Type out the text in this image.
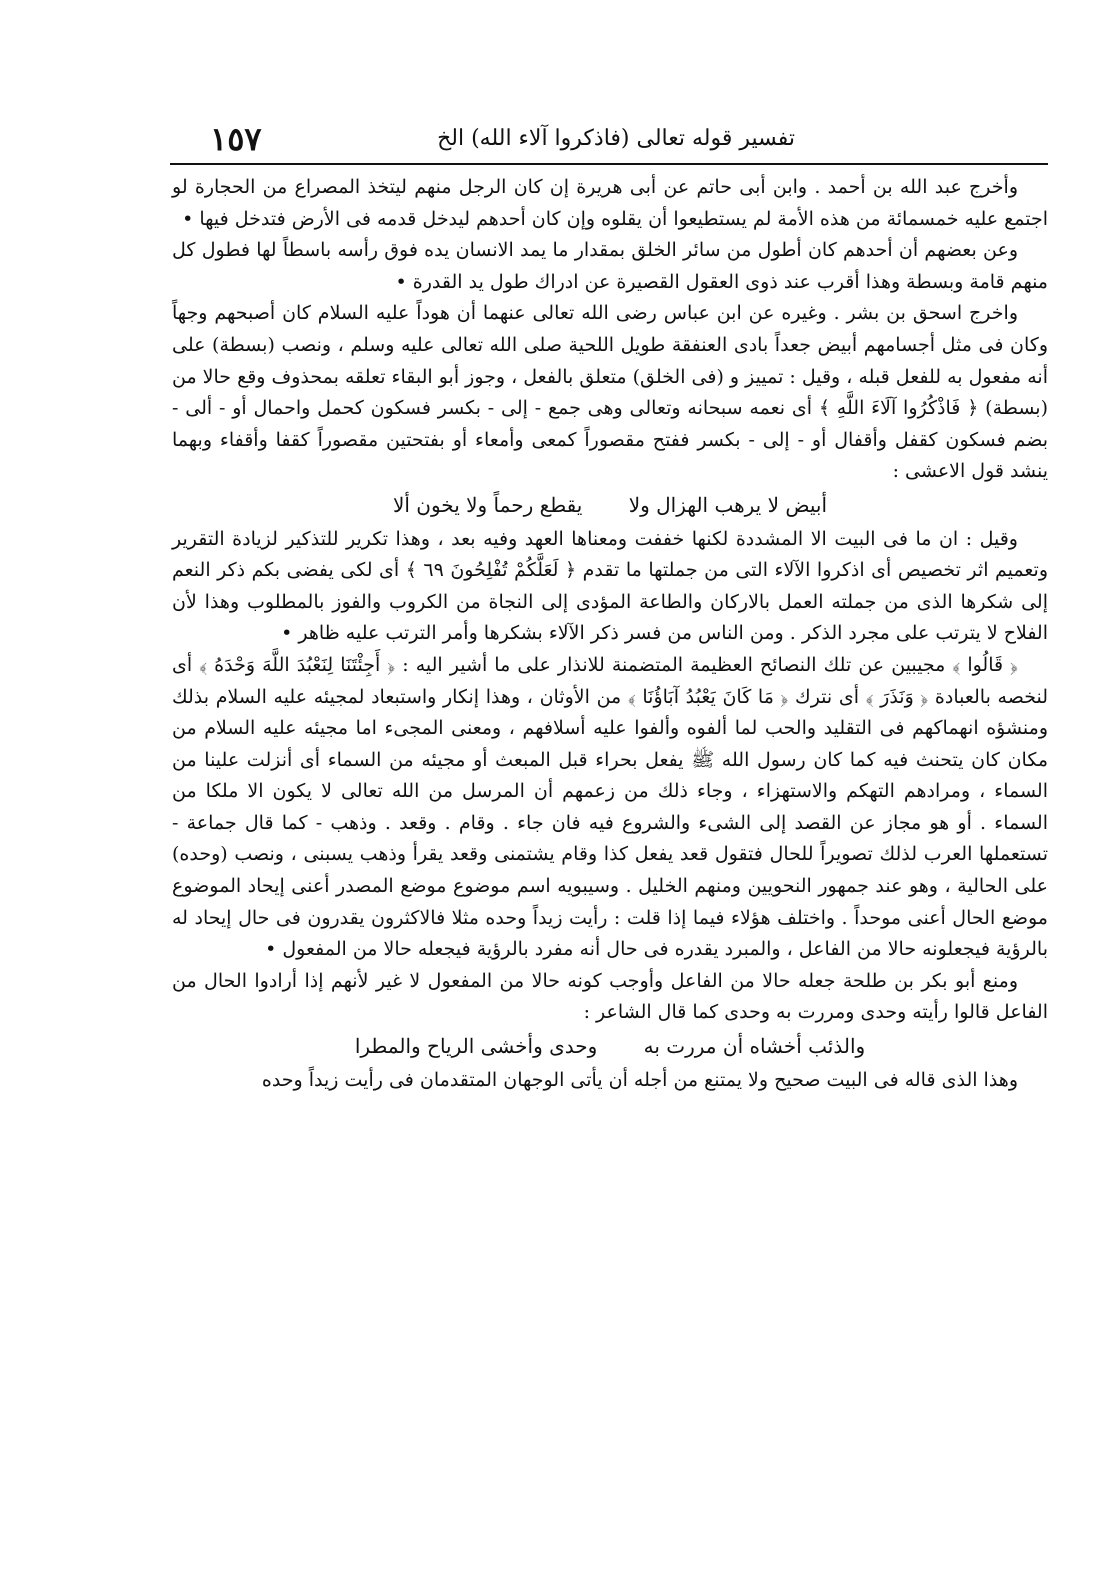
تفسير قوله تعالى (فاذكروا آلاء الله) الخ
١٥٧

وأخرج عبد الله بن أحمد . وابن أبى حاتم عن أبى هريرة إن كان الرجل منهم ليتخذ المصراع من الحجارة لو اجتمع عليه خمسمائة من هذه الأمة لم يستطيعوا أن يقلوه وإن كان أحدهم ليدخل قدمه فى الأرض فتدخل فيها •

وعن بعضهم أن أحدهم كان أطول من سائر الخلق بمقدار ما يمد الانسان يده فوق رأسه باسطاً لها فطول كل منهم قامة وبسطة وهذا أقرب عند ذوى العقول القصيرة عن ادراك طول يد القدرة •

واخرج اسحق بن بشر . وغيره عن ابن عباس رضى الله تعالى عنهما أن هوداً عليه السلام كان أصبحهم وجهاً وكان فى مثل أجسامهم أبيض جعداً بادى العنفقة طويل اللحية صلى الله تعالى عليه وسلم ، ونصب (بسطة) على أنه مفعول به للفعل قبله ، وقيل : تمييز و (فى الخلق) متعلق بالفعل ، وجوز أبو البقاء تعلقه بمحذوف وقع حالا من (بسطة) ﴿ فَاذْكُرُوا آلَاءَ اللَّهِ ﴾ أى نعمه سبحانه وتعالى وهى جمع - إلى - بكسر فسكون كحمل واحمال أو - ألى - بضم فسكون كقفل وأقفال أو - إلى - بكسر ففتح مقصوراً كمعى وأمعاء أو بفتحتين مقصوراً كقفا وأقفاء وبهما ينشد قول الاعشى :

أبيض لا يرهب الهزال ولا يقطع رحماً ولا يخون ألا

وقيل : ان ما فى البيت الا المشددة لكنها خففت ومعناها العهد وفيه بعد ، وهذا تكرير للتذكير لزيادة التقرير وتعميم اثر تخصيص أى اذكروا الآلاء التى من جملتها ما تقدم ﴿ لَعَلَّكُمْ تُفْلِحُونَ ٦٩ ﴾ أى لكى يفضى بكم ذكر النعم إلى شكرها الذى من جملته العمل بالاركان والطاعة المؤدى إلى النجاة من الكروب والفوز بالمطلوب وهذا لأن الفلاح لا يترتب على مجرد الذكر . ومن الناس من فسر ذكر الآلاء بشكرها وأمر الترتب عليه ظاهر •

﴿ قَالُوا ﴾ مجيبين عن تلك النصائح العظيمة المتضمنة للانذار على ما أشير اليه : ﴿ أَجِئْتَنَا لِنَعْبُدَ اللَّهَ وَحْدَهُ ﴾ أى لنخصه بالعبادة ﴿ وَنَذَرَ ﴾ أى نترك ﴿ مَا كَانَ يَعْبُدُ آبَاؤُنَا ﴾ من الأوثان ، وهذا إنكار واستبعاد لمجيئه عليه السلام بذلك ومنشؤه انهماكهم فى التقليد والحب لما ألفوه وألفوا عليه أسلافهم ، ومعنى المجىء اما مجيئه عليه السلام من مكان كان يتحنث فيه كما كان رسول الله ﷺ يفعل بحراء قبل المبعث أو مجيئه من السماء أى أنزلت علينا من السماء ، ومرادهم التهكم والاستهزاء ، وجاء ذلك من زعمهم أن المرسل من الله تعالى لا يكون الا ملكا من السماء . أو هو مجاز عن القصد إلى الشىء والشروع فيه فان جاء . وقام . وقعد . وذهب - كما قال جماعة - تستعملها العرب لذلك تصويراً للحال فتقول قعد يفعل كذا وقام يشتمنى وقعد يقرأ وذهب يسبنى ، ونصب (وحده) على الحالية ، وهو عند جمهور النحويين ومنهم الخليل . وسيبويه اسم موضوع موضع المصدر أعنى إيحاد الموضوع موضع الحال أعنى موحداً . واختلف هؤلاء فيما إذا قلت : رأيت زيداً وحده مثلا فالاكثرون يقدرون فى حال إيحاد له بالرؤية فيجعلونه حالا من الفاعل ، والمبرد يقدره فى حال أنه مفرد بالرؤية فيجعله حالا من المفعول •

ومنع أبو بكر بن طلحة جعله حالا من الفاعل وأوجب كونه حالا من المفعول لا غير لأنهم إذا أرادوا الحال من الفاعل قالوا رأيته وحدى ومررت به وحدى كما قال الشاعر :

والذئب أخشاه أن مررت به وحدى وأخشى الرياح والمطرا

وهذا الذى قاله فى البيت صحيح ولا يمتنع من أجله أن يأتى الوجهان المتقدمان فى رأيت زيداً وحده
